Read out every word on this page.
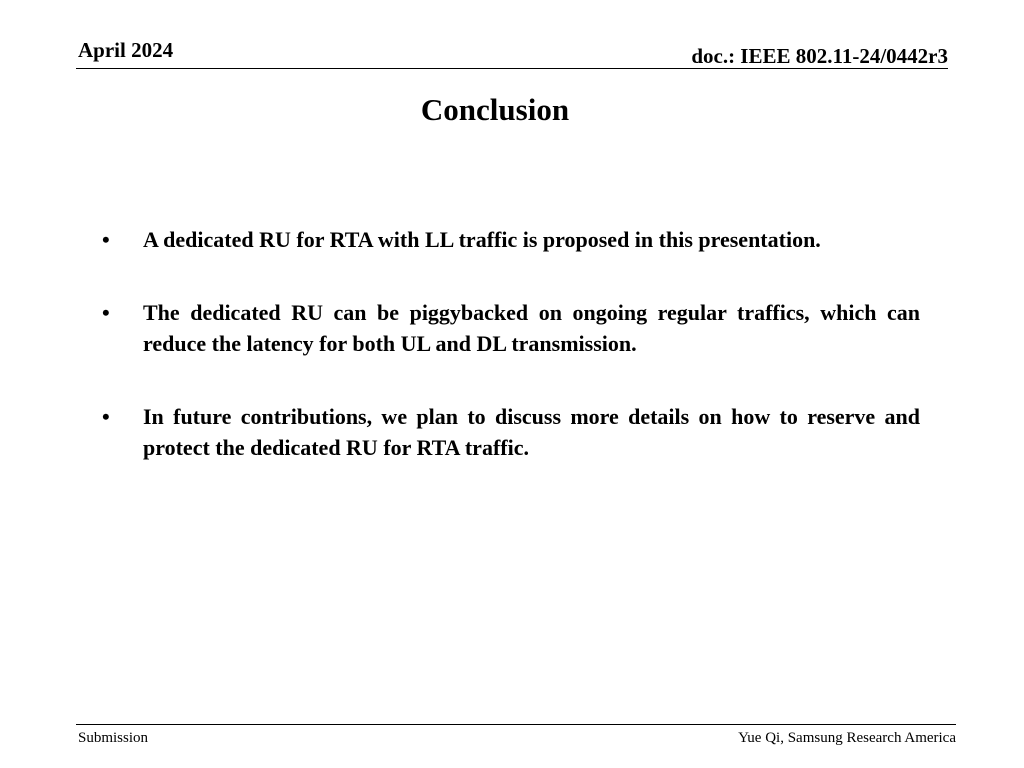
April 2024	doc.: IEEE 802.11-24/0442r3
Conclusion
•	A dedicated RU for RTA with LL traffic is proposed in this presentation.
•	The dedicated RU can be piggybacked on ongoing regular traffics, which can reduce the latency for both UL and DL transmission.
•	In future contributions, we plan to discuss more details on how to reserve and protect the dedicated RU for RTA traffic.
Submission	Yue Qi, Samsung Research America
